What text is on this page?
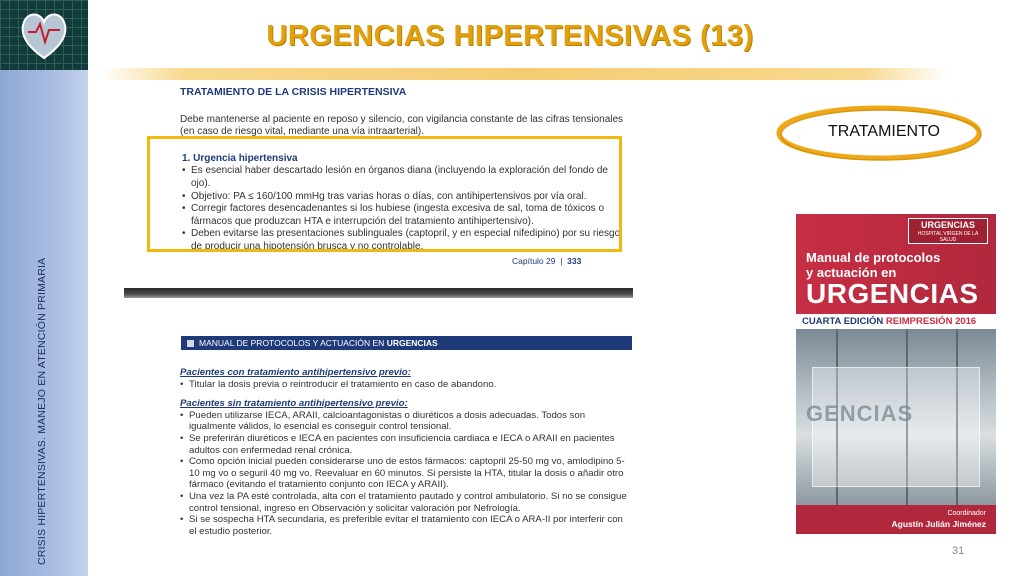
CRISIS HIPERTENSIVAS. MANEJO EN ATENCIÓN PRIMARIA
URGENCIAS HIPERTENSIVAS (13)
TRATAMIENTO DE LA CRISIS HIPERTENSIVA
Debe mantenerse al paciente en reposo y silencio, con vigilancia constante de las cifras tensionales (en caso de riesgo vital, mediante una vía intraarterial).
1. Urgencia hipertensiva
• Es esencial haber descartado lesión en órganos diana (incluyendo la exploración del fondo de ojo).
• Objetivo: PA ≤ 160/100 mmHg tras varias horas o días, con antihipertensivos por vía oral.
• Corregir factores desencadenantes si los hubiese (ingesta excesiva de sal, toma de tóxicos o fármacos que produzcan HTA e interrupción del tratamiento antihipertensivo).
• Deben evitarse las presentaciones sublinguales (captopril, y en especial nifedipino) por su riesgo de producir una hipotensión brusca y no controlable.
Capítulo 29  |  333
MANUAL DE PROTOCOLOS Y ACTUACIÓN EN URGENCIAS
Pacientes con tratamiento antihipertensivo previo:
• Titular la dosis previa o reintroducir el tratamiento en caso de abandono.
Pacientes sin tratamiento antihipertensivo previo:
• Pueden utilizarse IECA, ARAII, calcioantagonistas o diuréticos a dosis adecuadas. Todos son igualmente válidos, lo esencial es conseguir control tensional.
• Se preferirán diuréticos e IECA en pacientes con insuficiencia cardiaca e IECA o ARAII en pacientes adultos con enfermedad renal crónica.
• Como opción inicial pueden considerarse uno de estos fármacos: captopril 25-50 mg vo, amlodipino 5-10 mg vo o seguril 40 mg vo. Reevaluar en 60 minutos. Si persiste la HTA, titular la dosis o añadir otro fármaco (evitando el tratamiento conjunto con IECA y ARAII).
• Una vez la PA esté controlada, alta con el tratamiento pautado y control ambulatorio. Si no se consigue control tensional, ingreso en Observación y solicitar valoración por Nefrología.
• Si se sospecha HTA secundaria, es preferible evitar el tratamiento con IECA o ARA-II por interferir con el estudio posterior.
TRATAMIENTO
URGENCIAS
HOSPITAL VIRGEN DE LA SALUD
Manual de protocolos
y actuación en
URGENCIAS
CUARTA EDICIÓN REIMPRESIÓN 2016
GENCIAS
Coordinador
Agustín Julián Jiménez
31
